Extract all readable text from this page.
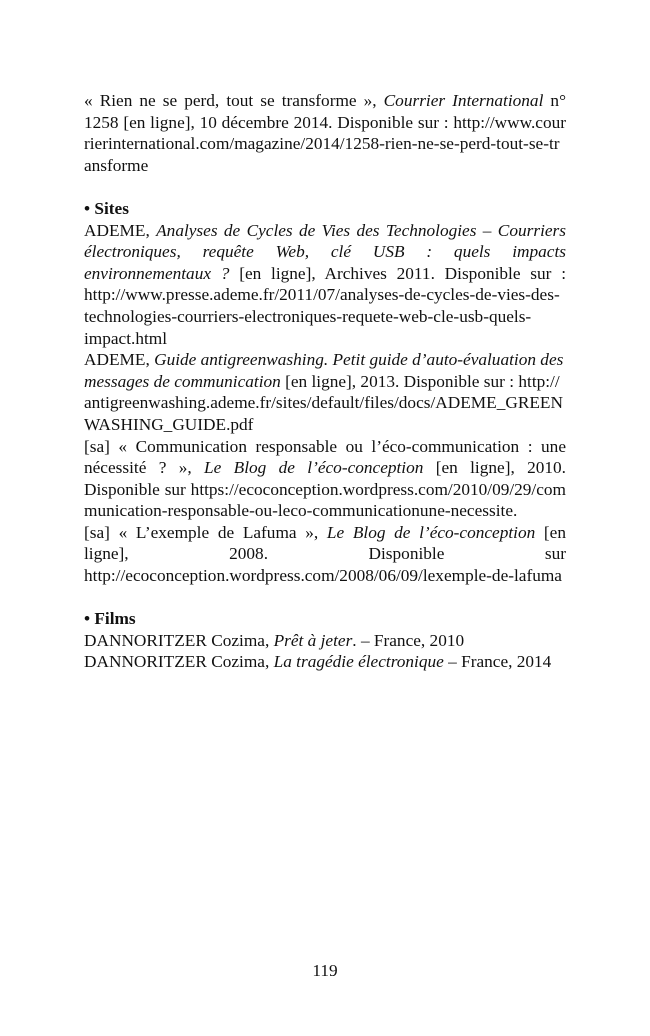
« Rien ne se perd, tout se transforme », Courrier International n° 1258 [en ligne], 10 décembre 2014. Disponible sur : http://www.courrierinternational.com/magazine/2014/1258-rien-ne-se-perd-tout-se-transforme

• Sites

ADEME, Analyses de Cycles de Vies des Technologies – Courriers électroniques, requête Web, clé USB : quels impacts environnementaux ? [en ligne], Archives 2011. Disponible sur : http://www.presse.ademe.fr/2011/07/analyses-de-cycles-de-vies-des-technologies-courriers-electroniques-requete-web-cle-usb-quels-impact.html

ADEME, Guide antigreenwashing. Petit guide d’auto-évaluation des messages de communication [en ligne], 2013. Disponible sur : http://antigreenwashing.ademe.fr/sites/default/files/docs/ADEME_GREENWASHING_GUIDE.pdf

[sa] « Communication responsable ou l’éco-communication : une nécessité ? », Le Blog de l’éco-conception [en ligne], 2010. Disponible sur https://ecoconception.wordpress.com/2010/09/29/communication-responsable-ou-leco-communicationune-necessite.

[sa] « L’exemple de Lafuma », Le Blog de l’éco-conception [en ligne], 2008. Disponible sur http://ecoconception.wordpress.com/2008/06/09/lexemple-de-lafuma

• Films

DANNORITZER Cozima, Prêt à jeter. – France, 2010

DANNORITZER Cozima, La tragédie électronique – France, 2014

119
